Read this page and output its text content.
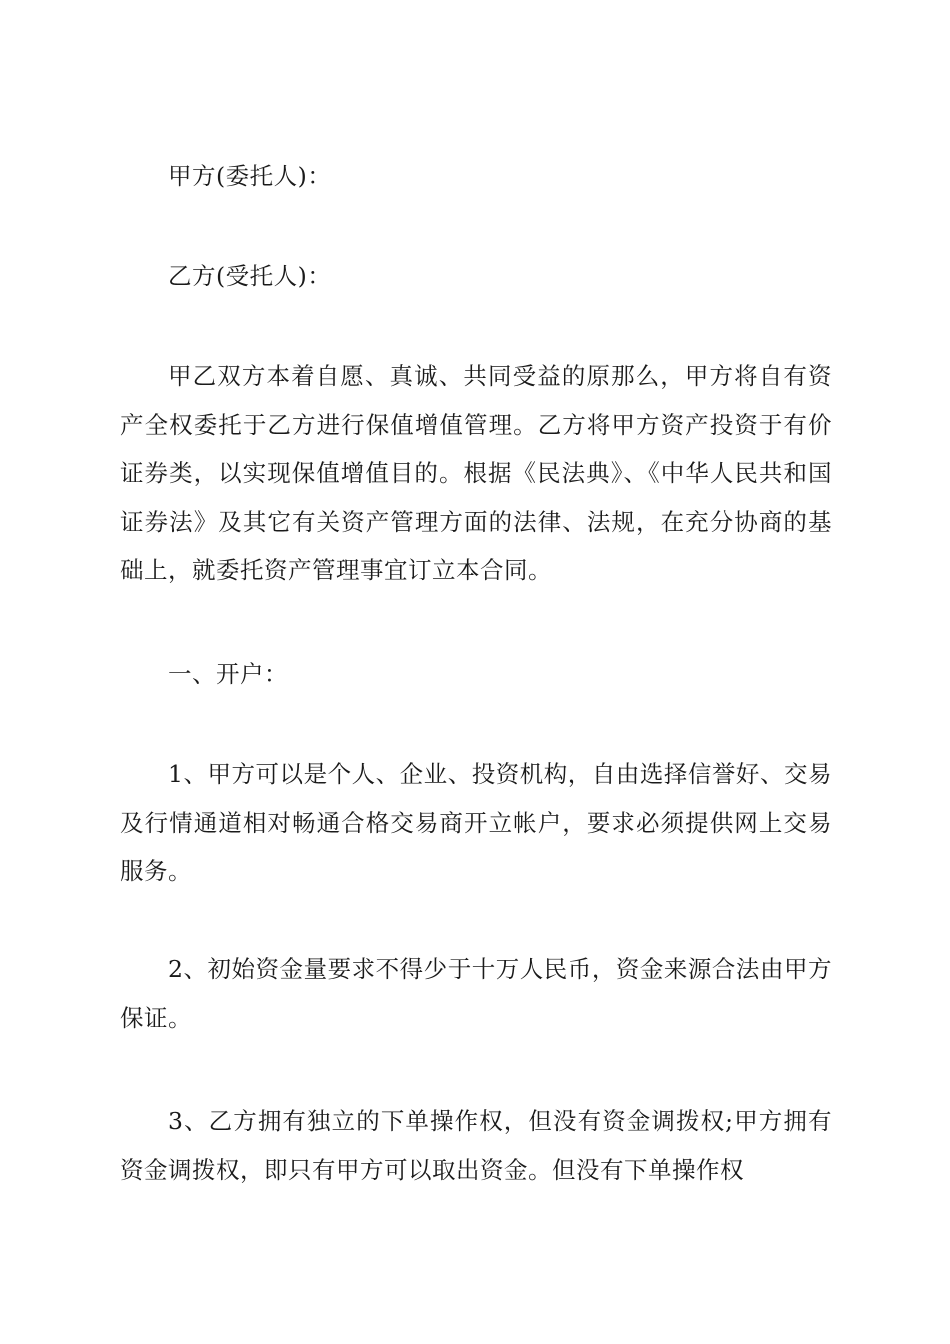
甲方(委托人)：

乙方(受托人)：

甲乙双方本着自愿、真诚、共同受益的原那么，甲方将自有资产全权委托于乙方进行保值增值管理。乙方将甲方资产投资于有价证券类，以实现保值增值目的。根据《民法典》、《中华人民共和国证券法》及其它有关资产管理方面的法律、法规，在充分协商的基础上，就委托资产管理事宜订立本合同。

一、开户：

1、甲方可以是个人、企业、投资机构，自由选择信誉好、交易及行情通道相对畅通合格交易商开立帐户，要求必须提供网上交易服务。

2、初始资金量要求不得少于十万人民币，资金来源合法由甲方保证。

3、乙方拥有独立的下单操作权，但没有资金调拨权;甲方拥有资金调拨权，即只有甲方可以取出资金。但没有下单操作权
